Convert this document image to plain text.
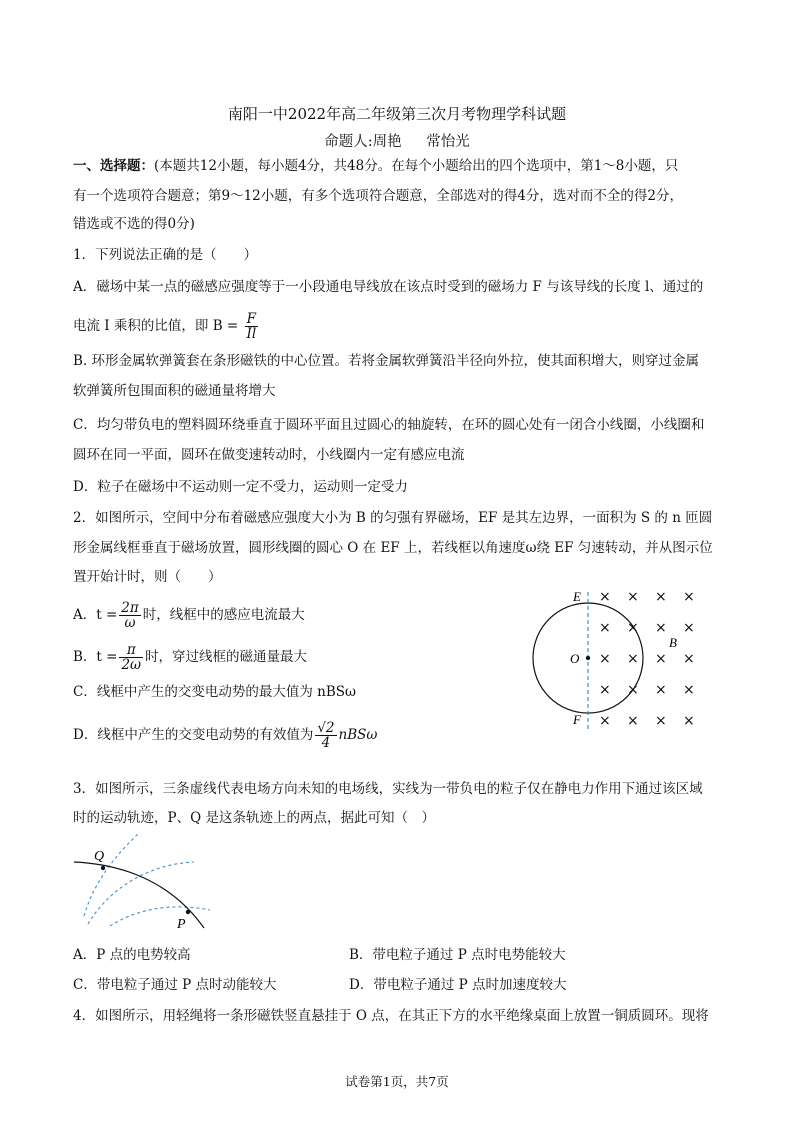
南阳一中2022年高二年级第三次月考物理学科试题
命题人:周艳 常怡光
一、选择题：(本题共12小题，每小题4分，共48分。在每个小题给出的四个选项中，第1～8小题，只
有一个选项符合题意；第9～12小题，有多个选项符合题意，全部选对的得4分，选对而不全的得2分，
错选或不选的得0分)
1．下列说法正确的是（　　）
A．磁场中某一点的磁感应强度等于一小段通电导线放在该点时受到的磁场力 F 与该导线的长度 l、通过的
电流 I 乘积的比值，即 $B = \frac{F}{Il}$
B. 环形金属软弹簧套在条形磁铁的中心位置。若将金属软弹簧沿半径向外拉，使其面积增大，则穿过金属
软弹簧所包围面积的磁通量将增大
C．均匀带负电的塑料圆环绕垂直于圆环平面且过圆心的轴旋转，在环的圆心处有一闭合小线圈，小线圈和
圆环在同一平面，圆环在做变速转动时，小线圈内一定有感应电流
D．粒子在磁场中不运动则一定不受力，运动则一定受力
2．如图所示，空间中分布着磁感应强度大小为 B 的匀强有界磁场，EF 是其左边界，一面积为 S 的 n 匝圆
形金属线框垂直于磁场放置，圆形线圈的圆心 O 在 EF 上，若线框以角速度ω绕 EF 匀速转动，并从图示位
置开始计时，则（　　）
A．$t = \frac{2\pi}{\omega}$ 时，线框中的感应电流最大
B．$t = \frac{\pi}{2\omega}$ 时，穿过线框的磁通量最大
C．线框中产生的交变电动势的最大值为 nBSω
D．线框中产生的交变电动势的有效值为 $\frac{√2}{4}$ nBSω
E
F
O
B
× × × ×
× × × ×
× × ×
× × × ×
× × × ×
×
3．如图所示，三条虚线代表电场方向未知的电场线，实线为一带负电的粒子仅在静电力作用下通过该区域
时的运动轨迹，P、Q 是这条轨迹上的两点，据此可知（　）
Q
P
A．P 点的电势较高	B．带电粒子通过 P 点时电势能较大
C．带电粒子通过 P 点时动能较大	D．带电粒子通过 P 点时加速度较大
4．如图所示，用轻绳将一条形磁铁竖直悬挂于 O 点，在其正下方的水平绝缘桌面上放置一铜质圆环。现将
试卷第1页，共7页
